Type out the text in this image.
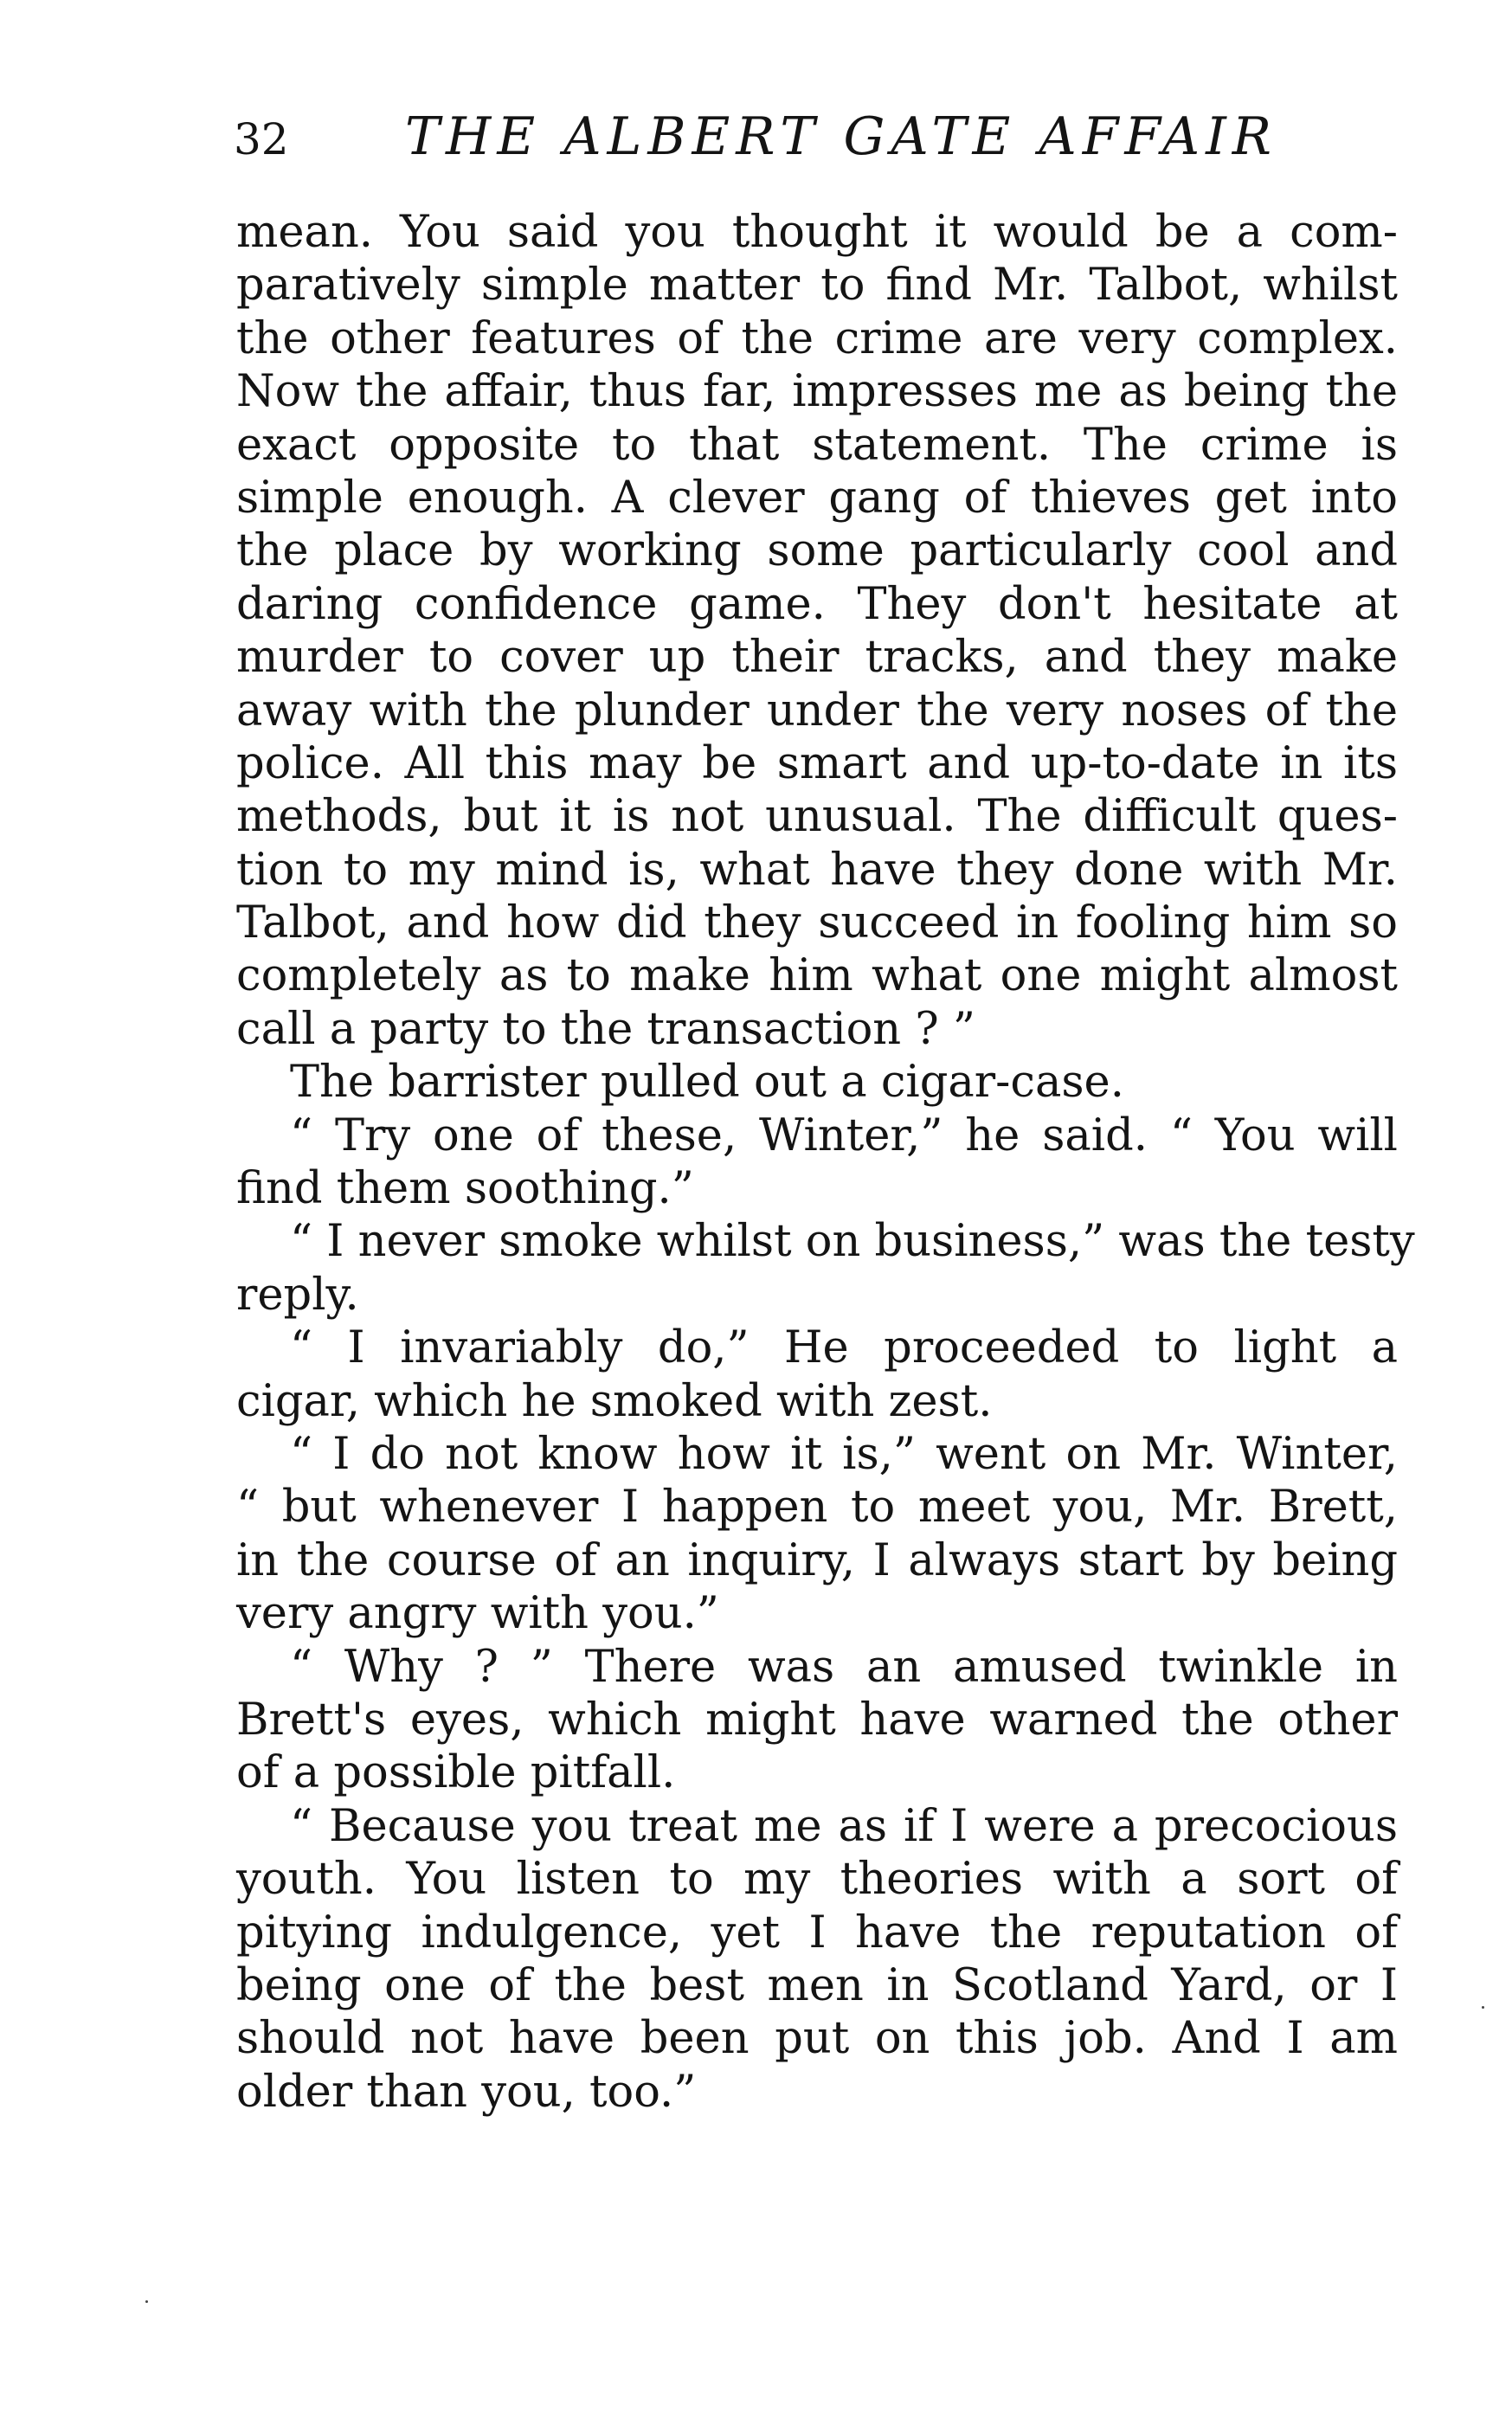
32 THE ALBERT GATE AFFAIR
mean. You said you thought it would be a com-
paratively simple matter to find Mr. Talbot, whilst
the other features of the crime are very complex.
Now the affair, thus far, impresses me as being the
exact opposite to that statement. The crime is
simple enough. A clever gang of thieves get into
the place by working some particularly cool and
daring confidence game. They don't hesitate at
murder to cover up their tracks, and they make
away with the plunder under the very noses of the
police. All this may be smart and up-to-date in its
methods, but it is not unusual. The difficult ques-
tion to my mind is, what have they done with Mr.
Talbot, and how did they succeed in fooling him so
completely as to make him what one might almost
call a party to the transaction ? ”
The barrister pulled out a cigar-case.
“ Try one of these, Winter,” he said. “ You will
find them soothing.”
“ I never smoke whilst on business,” was the testy
reply.
“ I invariably do,” He proceeded to light a
cigar, which he smoked with zest.
“ I do not know how it is,” went on Mr. Winter,
“ but whenever I happen to meet you, Mr. Brett,
in the course of an inquiry, I always start by being
very angry with you.”
“ Why ? ” There was an amused twinkle in
Brett's eyes, which might have warned the other
of a possible pitfall.
“ Because you treat me as if I were a precocious
youth. You listen to my theories with a sort of
pitying indulgence, yet I have the reputation of
being one of the best men in Scotland Yard, or I
should not have been put on this job. And I am
older than you, too.”
